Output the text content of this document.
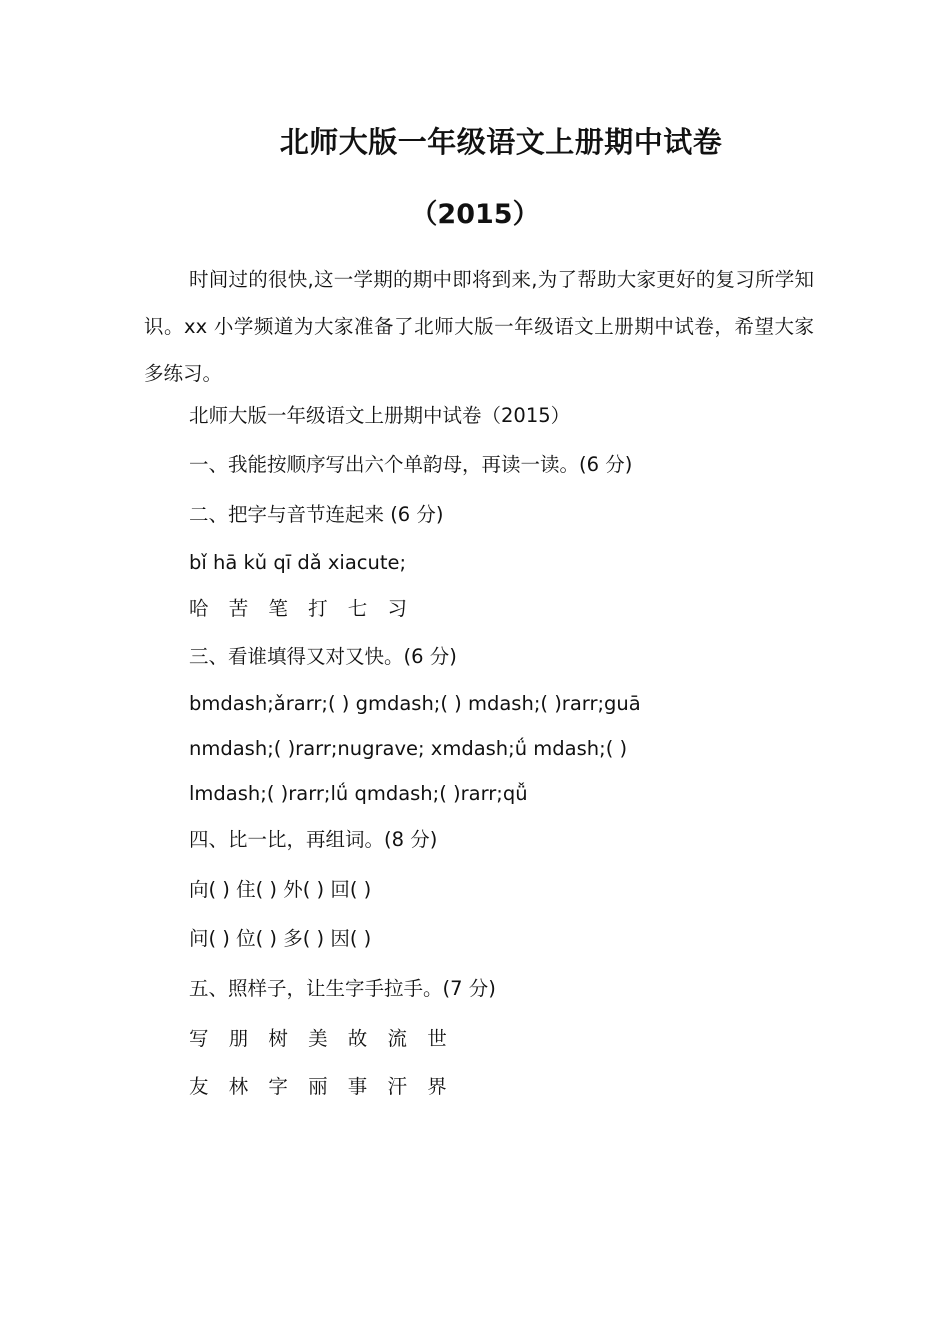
北师大版一年级语文上册期中试卷
（2015）
时间过的很快,这一学期的期中即将到来,为了帮助大家更好的复习所学知识。xx 小学频道为大家准备了北师大版一年级语文上册期中试卷，希望大家多练习。
北师大版一年级语文上册期中试卷（2015）
一、我能按顺序写出六个单韵母，再读一读。(6 分)
二、把字与音节连起来 (6 分)
bǐ hā kǔ qī dǎ xiacute;
哈 苦 笔 打 七 习
三、看谁填得又对又快。(6 分)
bmdash;ǎrarr;( ) gmdash;( ) mdash;( )rarr;guā
nmdash;( )rarr;nugrave; xmdash;ǘ mdash;( )
lmdash;( )rarr;lǘ qmdash;( )rarr;qǚ
四、比一比，再组词。(8 分)
向( ) 住( ) 外( ) 回( )
问( ) 位( ) 多( ) 因( )
五、照样子，让生字手拉手。(7 分)
写 朋 树 美 故 流 世
友 林 字 丽 事 汗 界
